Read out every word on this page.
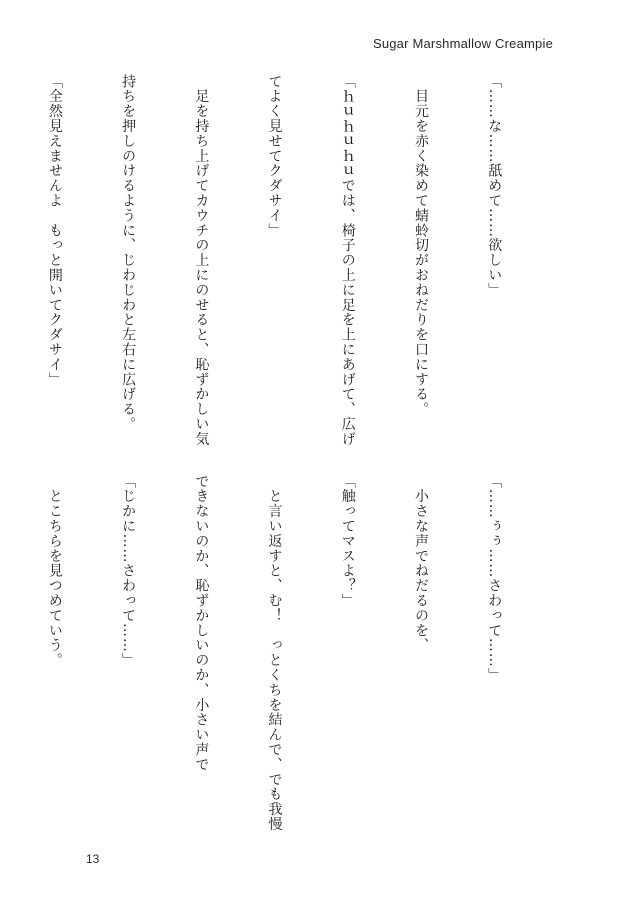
Sugar Marshmallow Creampie

「……な……舐めて……欲しい」

　目元を赤く染めて蜻蛉切がおねだりを口にする。

「ｈｕｈｕｈｕでは、椅子の上に足を上にあげて、広げ

てよく見せてクダサイ」

　足を持ち上げてカウチの上にのせると、恥ずかしい気

持ちを押しのけるように、じわじわと左右に広げる。

「全然見えませんよ　もっと開いてクダサイ」

「……ぅぅ……さわって……」

　小さな声でねだるのを、

「触ってマスよ？」

　と言い返すと、む！　っとくちを結んで、でも我慢

できないのか、恥ずかしいのか、小さい声で

「じかに……さわって……」

　とこちらを見つめていう。

13
